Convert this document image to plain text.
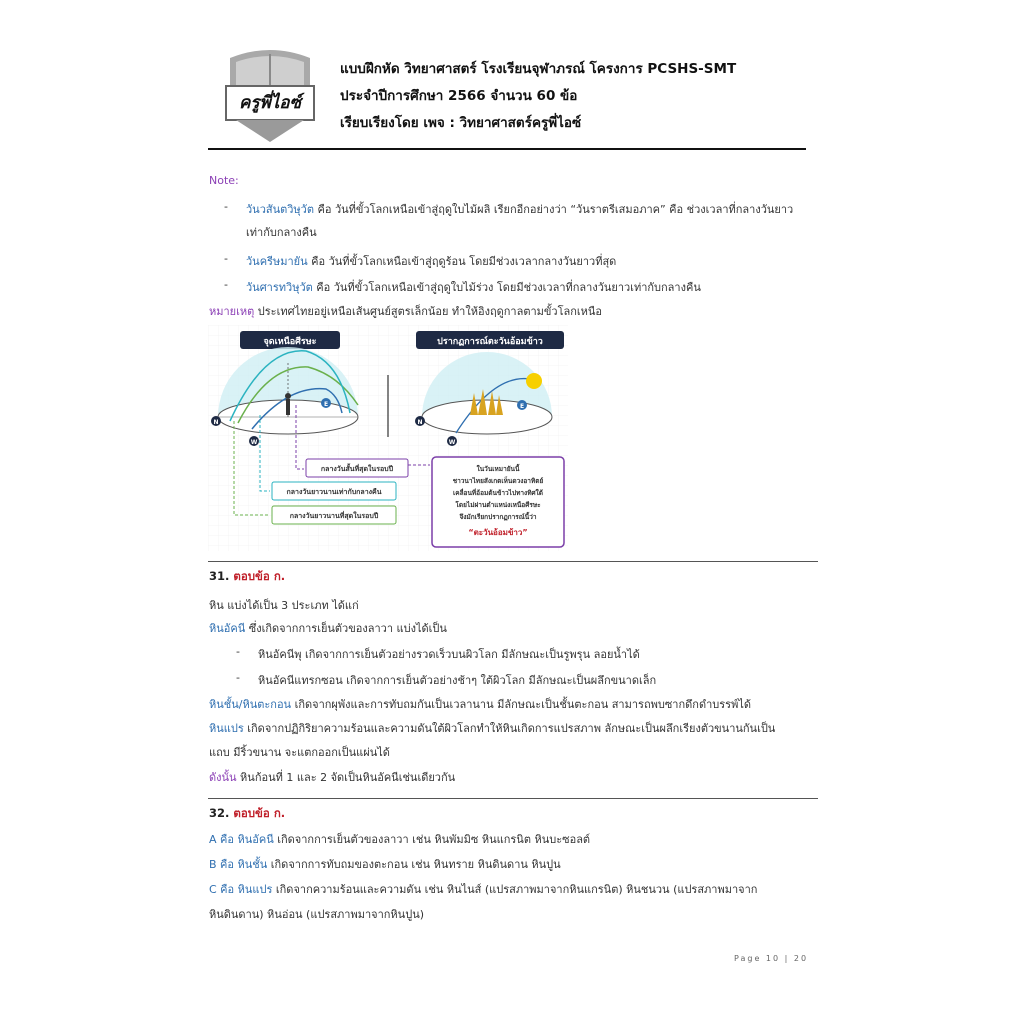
ครูพี่ไอซ์
แบบฝึกหัด วิทยาศาสตร์ โรงเรียนจุฬาภรณ์ โครงการ PCSHS-SMT
ประจำปีการศึกษา 2566 จำนวน 60 ข้อ
เรียบเรียงโดย เพจ : วิทยาศาสตร์ครูพี่ไอซ์
Note:
- วันวสันตวิษุวัต คือ วันที่ขั้วโลกเหนือเข้าสู่ฤดูใบไม้ผลิ เรียกอีกอย่างว่า “วันราตรีเสมอภาค” คือ ช่วงเวลาที่กลางวันยาว
เท่ากับกลางคืน
- วันครีษมายัน คือ วันที่ขั้วโลกเหนือเข้าสู่ฤดูร้อน โดยมีช่วงเวลากลางวันยาวที่สุด
- วันศารทวิษุวัต คือ วันที่ขั้วโลกเหนือเข้าสู่ฤดูใบไม้ร่วง โดยมีช่วงเวลาที่กลางวันยาวเท่ากับกลางคืน
หมายเหตุ ประเทศไทยอยู่เหนือเส้นศูนย์สูตรเล็กน้อย ทำให้อิงฤดูกาลตามขั้วโลกเหนือ
จุดเหนือศีรษะ	ปรากฏการณ์ตะวันอ้อมข้าว
E
N
W
E
N
W
กลางวันสั้นที่สุดในรอบปี
กลางวันยาวนานเท่ากับกลางคืน
กลางวันยาวนานที่สุดในรอบปี
ในวันเหมายันนี้
ชาวนาไทยสังเกตเห็นดวงอาทิตย์
เคลื่อนที่อ้อมต้นข้าวไปทางทิศใต้
โดยไม่ผ่านตำแหน่งเหนือศีรษะ
จึงมักเรียกปรากฏการณ์นี้ว่า
“ตะวันอ้อมข้าว”
31. ตอบข้อ ก.
หิน แบ่งได้เป็น 3 ประเภท ได้แก่
หินอัคนี ซึ่งเกิดจากการเย็นตัวของลาวา แบ่งได้เป็น
- หินอัคนีพุ เกิดจากการเย็นตัวอย่างรวดเร็วบนผิวโลก มีลักษณะเป็นรูพรุน ลอยน้ำได้
- หินอัคนีแทรกซอน เกิดจากการเย็นตัวอย่างช้าๆ ใต้ผิวโลก มีลักษณะเป็นผลึกขนาดเล็ก
หินชั้น/หินตะกอน เกิดจากผุพังและการทับถมกันเป็นเวลานาน มีลักษณะเป็นชั้นตะกอน สามารถพบซากดึกดำบรรพ์ได้
หินแปร เกิดจากปฏิกิริยาความร้อนและความดันใต้ผิวโลกทำให้หินเกิดการแปรสภาพ ลักษณะเป็นผลึกเรียงตัวขนานกันเป็น
แถบ มีริ้วขนาน จะแตกออกเป็นแผ่นได้
ดังนั้น หินก้อนที่ 1 และ 2 จัดเป็นหินอัคนีเช่นเดียวกัน
32. ตอบข้อ ก.
A คือ หินอัคนี เกิดจากการเย็นตัวของลาวา เช่น หินพัมมิซ หินแกรนิต หินบะซอลต์
B คือ หินชั้น เกิดจากการทับถมของตะกอน เช่น หินทราย หินดินดาน หินปูน
C คือ หินแปร เกิดจากความร้อนและความดัน เช่น หินไนส์ (แปรสภาพมาจากหินแกรนิต) หินชนวน (แปรสภาพมาจาก
หินดินดาน) หินอ่อน (แปรสภาพมาจากหินปูน)
Page 10 | 20
